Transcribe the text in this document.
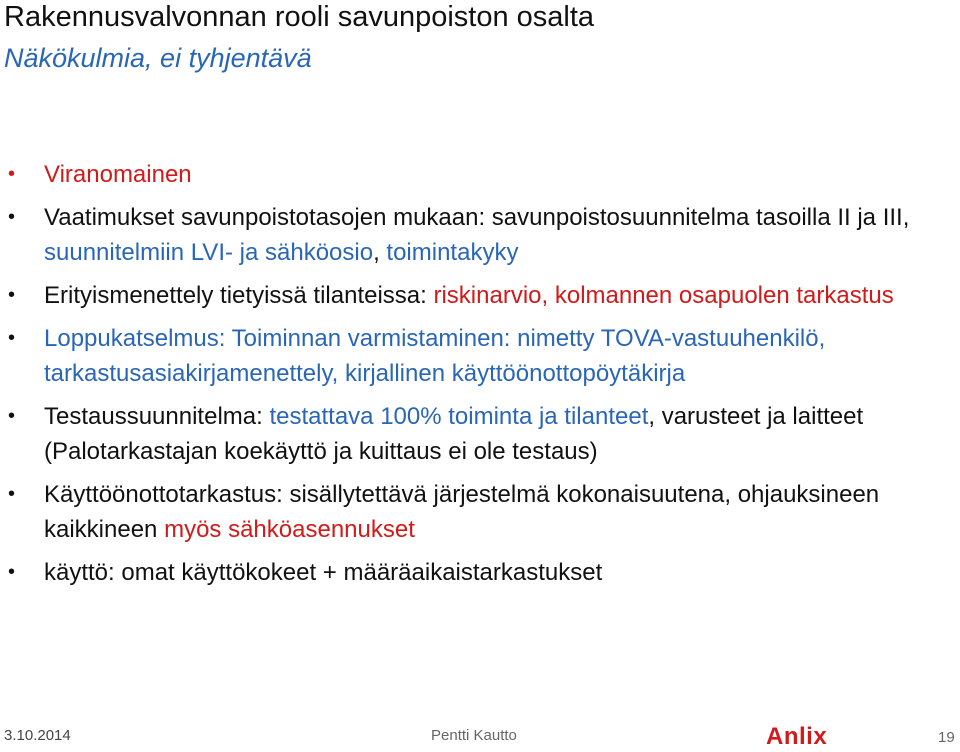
Rakennusvalvonnan rooli savunpoiston osalta
Näkökulmia, ei tyhjentävä
• Viranomainen
• Vaatimukset savunpoistotasojen mukaan: savunpoistosuunnitelma tasoilla II ja III, suunnitelmiin LVI- ja sähköosio, toimintakyky
• Erityismenettely tietyissä tilanteissa: riskinarvio, kolmannen osapuolen tarkastus
• Loppukatselmus: Toiminnan varmistaminen: nimetty TOVA-vastuuhenkilö, tarkastusasiakirjamenettely, kirjallinen käyttöönottopöytäkirja
• Testaussuunnitelma: testattava 100% toiminta ja tilanteet, varusteet ja laitteet (Palotarkastajan koekäyttö ja kuittaus ei ole testaus)
• Käyttöönottotarkastus: sisällytettävä järjestelmä kokonaisuutena, ohjauksineen kaikkineen myös sähköasennukset
• käyttö: omat käyttökokeet + määräaikaistarkastukset
3.10.2014	Pentti Kautto	Anlix	19
